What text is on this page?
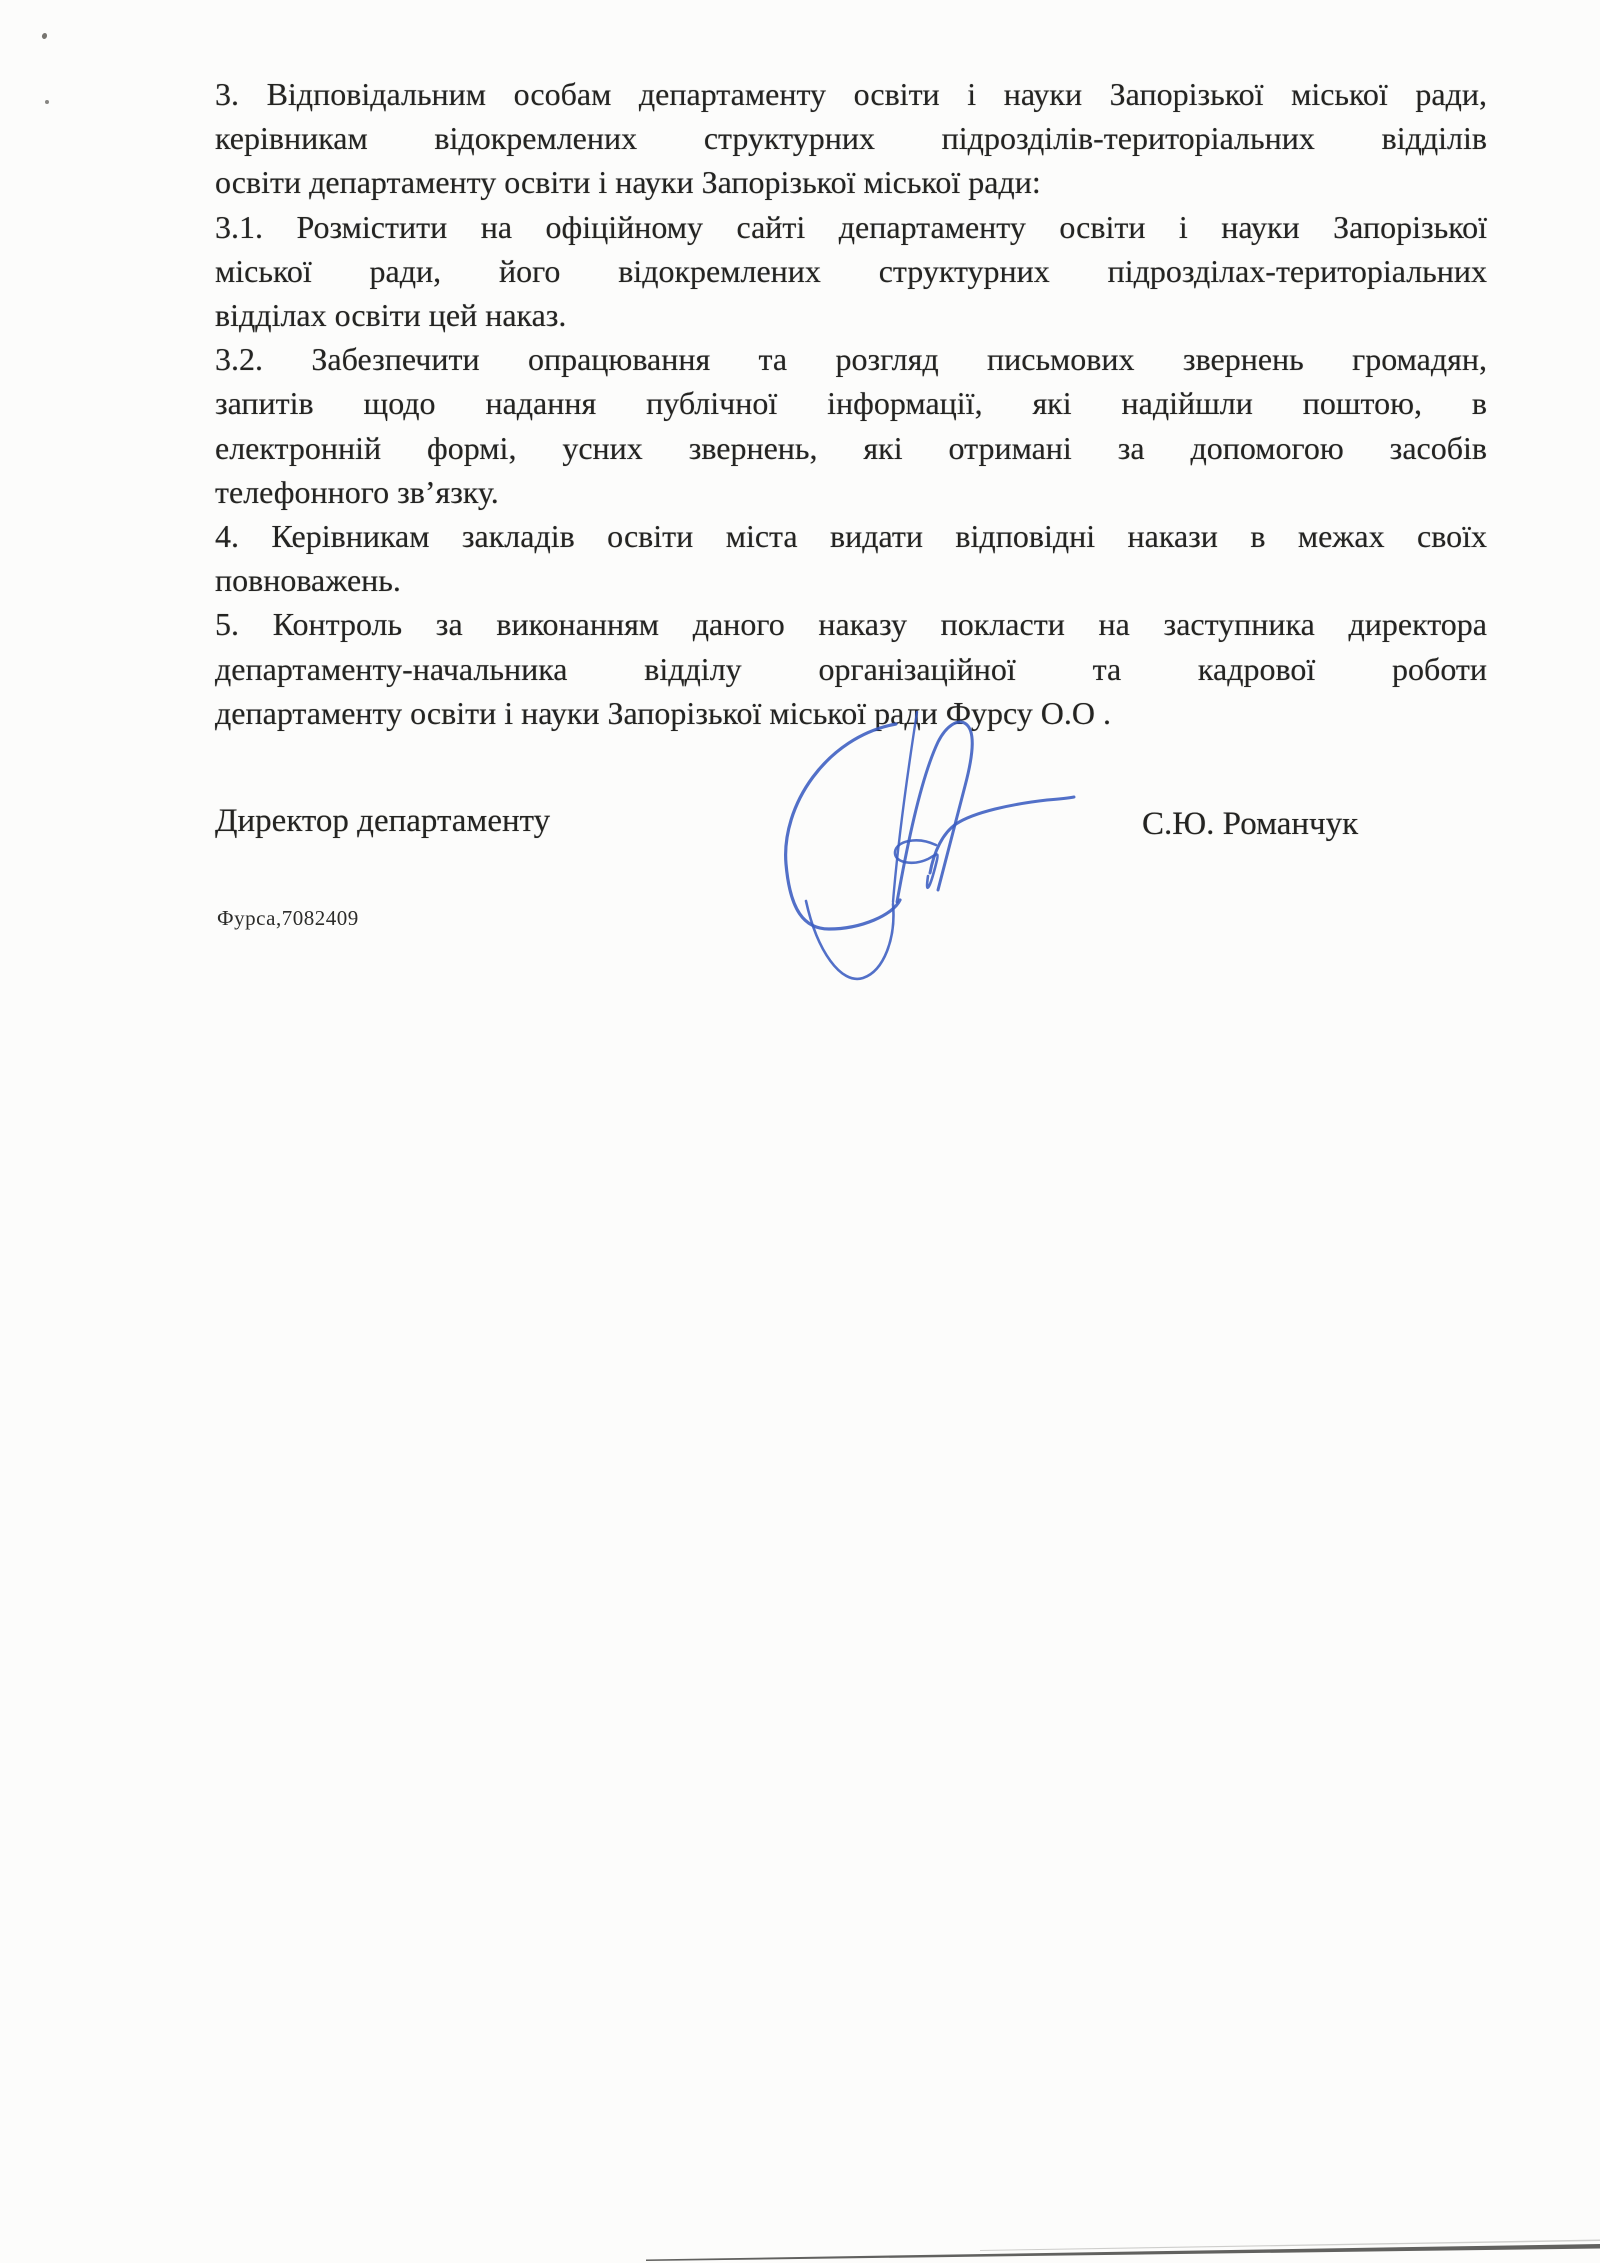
3. Відповідальним особам департаменту освіти і науки Запорізької міської ради,
керівникам відокремлених структурних підрозділів-територіальних відділів
освіти департаменту освіти і науки Запорізької міської ради:
3.1. Розмістити на офіційному сайті департаменту освіти і науки Запорізької
міської ради, його відокремлених структурних підрозділах-територіальних
відділах освіти цей наказ.
3.2. Забезпечити опрацювання та розгляд письмових звернень громадян,
запитів щодо надання публічної інформації, які надійшли поштою, в
електронній формі, усних звернень, які отримані за допомогою засобів
телефонного зв’язку.
4. Керівникам закладів освіти міста видати відповідні накази в межах своїх
повноважень.
5. Контроль за виконанням даного наказу покласти на заступника директора
департаменту-начальника відділу організаційної та кадрової роботи
департаменту освіти і науки Запорізької міської ради Фурсу О.О .
Директор департаменту	С.Ю. Романчук
Фурса,7082409
